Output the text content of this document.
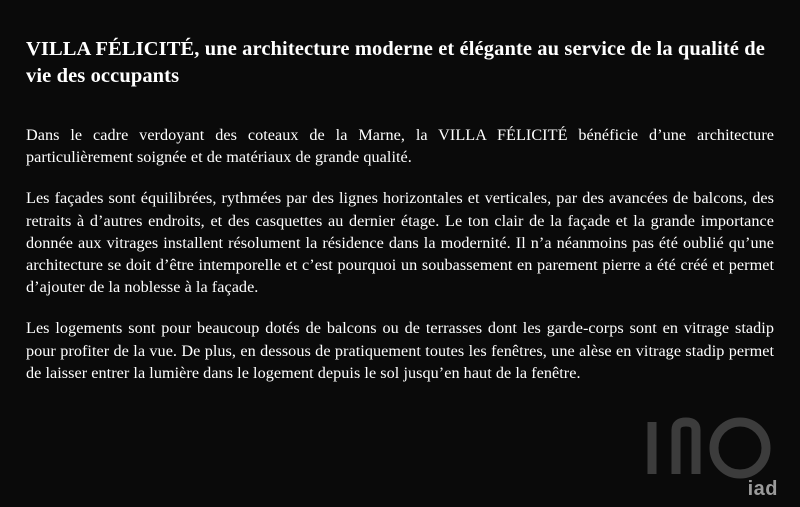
VILLA FÉLICITÉ, une architecture moderne et élégante au service de la qualité de vie des occupants

Dans le cadre verdoyant des coteaux de la Marne, la VILLA FÉLICITÉ bénéficie d’une architecture particulièrement soignée et de matériaux de grande qualité.

Les façades sont équilibrées, rythmées par des lignes horizontales et verticales, par des avancées de balcons, des retraits à d’autres endroits, et des casquettes au dernier étage. Le ton clair de la façade et la grande importance donnée aux vitrages installent résolument la résidence dans la modernité. Il n’a néanmoins pas été oublié qu’une architecture se doit d’être intemporelle et c’est pourquoi un soubassement en parement pierre a été créé et permet d’ajouter de la noblesse à la façade.

Les logements sont pour beaucoup dotés de balcons ou de terrasses dont les garde-corps sont en vitrage stadip pour profiter de la vue. De plus, en dessous de pratiquement toutes les fenêtres, une alèse en vitrage stadip permet de laisser entrer la lumière dans le logement depuis le sol jusqu’en haut de la fenêtre.

iad
